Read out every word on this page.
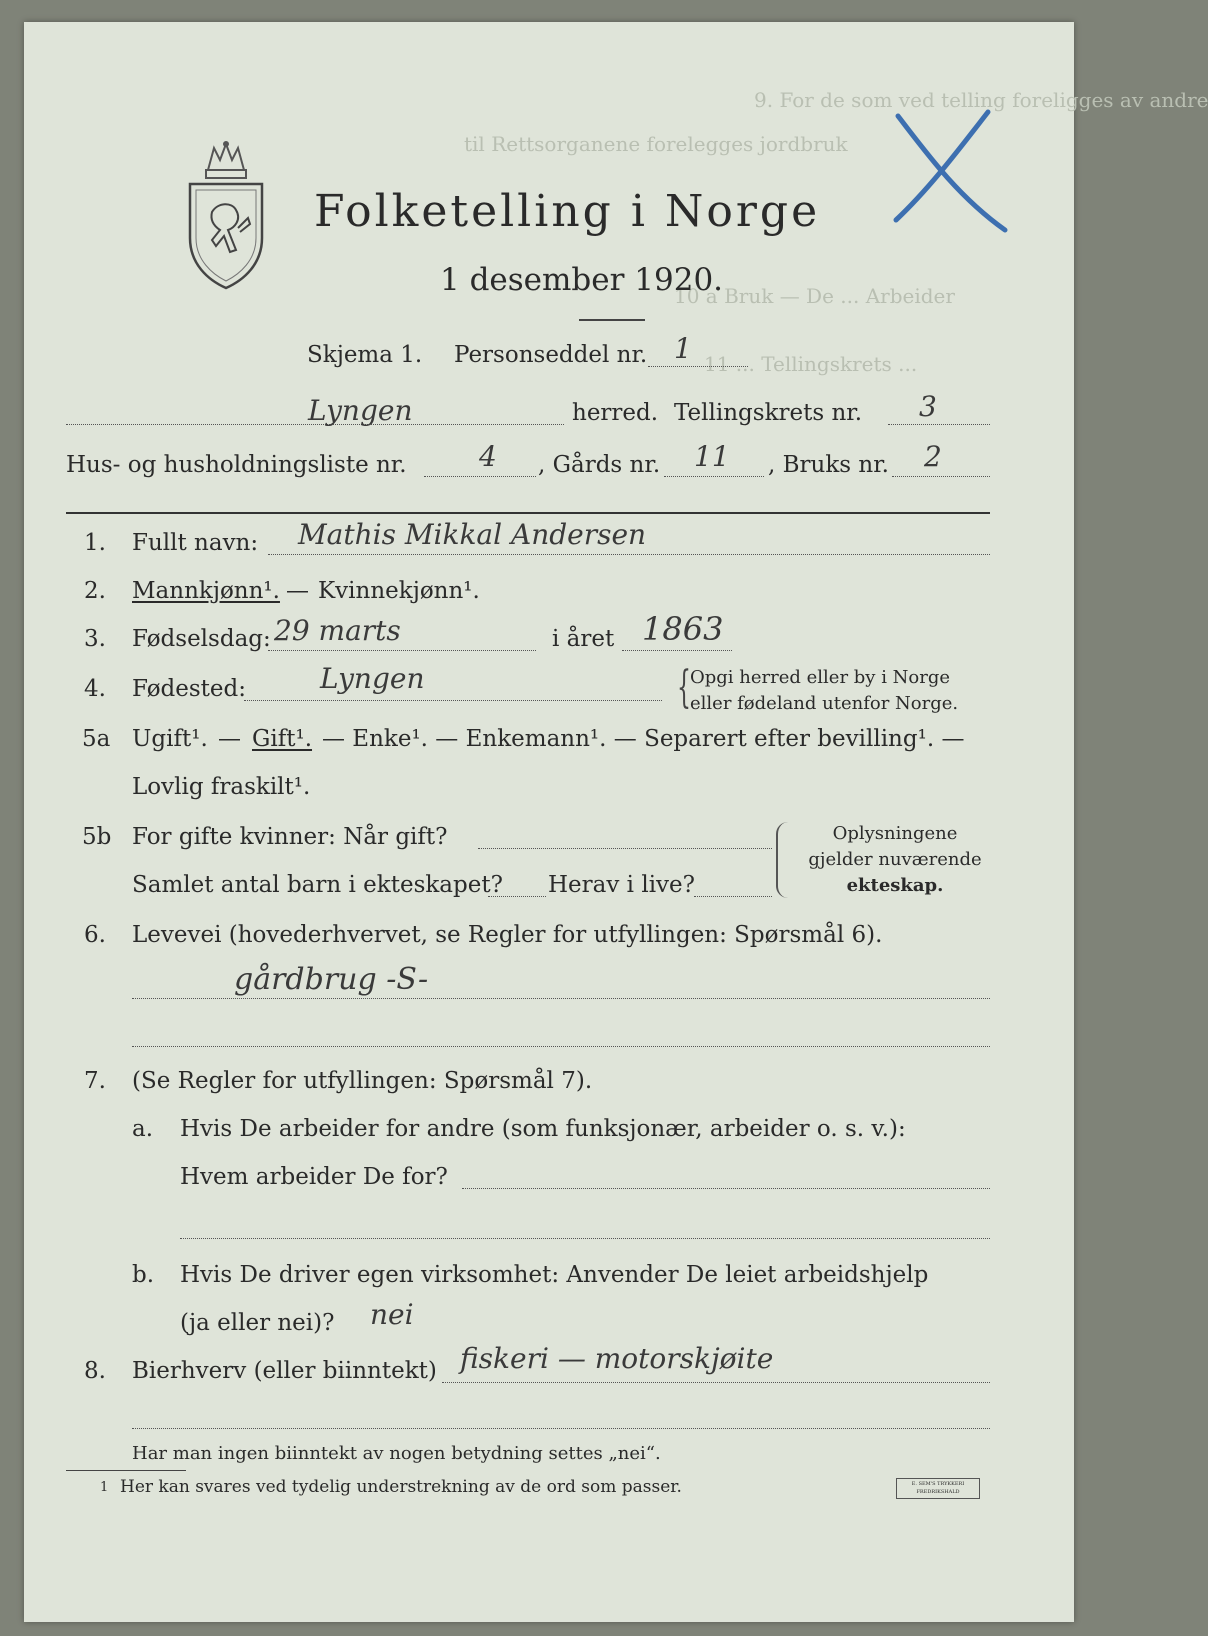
9. For de som ved telling foreligges av andre
til Rettsorganene forelegges jordbruk
10 a Bruk — De ... Arbeider
11 ... Tellingskrets ...
Folketelling i Norge
1 desember 1920.
Skjema 1. Personseddel nr. 1
Lyngen	herred. Tellingskrets nr. 3
Hus- og husholdningsliste nr.	4 , Gårds nr. 11 , Bruks nr. 2
1. Fullt navn: Mathis Mikkal Andersen
2. Mannkjønn¹. — Kvinnekjønn¹.
3. Fødselsdag: 29 marts	i året 1863
4. Fødested:	Lyngen	{ Opgi herred eller by i Norge
eller fødeland utenfor Norge.
5a Ugift¹. — Gift¹. — Enke¹. — Enkemann¹. — Separert efter bevilling¹. —
Lovlig fraskilt¹.
5b For gifte kvinner: Når gift?
Samlet antal barn i ekteskapet? Herav i live?
Oplysningene
gjelder nuværende
ekteskap.
6. Levevei (hovederhvervet, se Regler for utfyllingen: Spørsmål 6).
gårdbrug -S-
7. (Se Regler for utfyllingen: Spørsmål 7).
a. Hvis De arbeider for andre (som funksjonær, arbeider o. s. v.):
Hvem arbeider De for?
b. Hvis De driver egen virksomhet: Anvender De leiet arbeidshjelp
(ja eller nei)? nei
8. Bierhverv (eller biinntekt) fiskeri — motorskjøite
Har man ingen biinntekt av nogen betydning settes „nei“.
1 Her kan svares ved tydelig understrekning av de ord som passer.	E. SEM'S TRYKKERI FREDRIKSHALD
